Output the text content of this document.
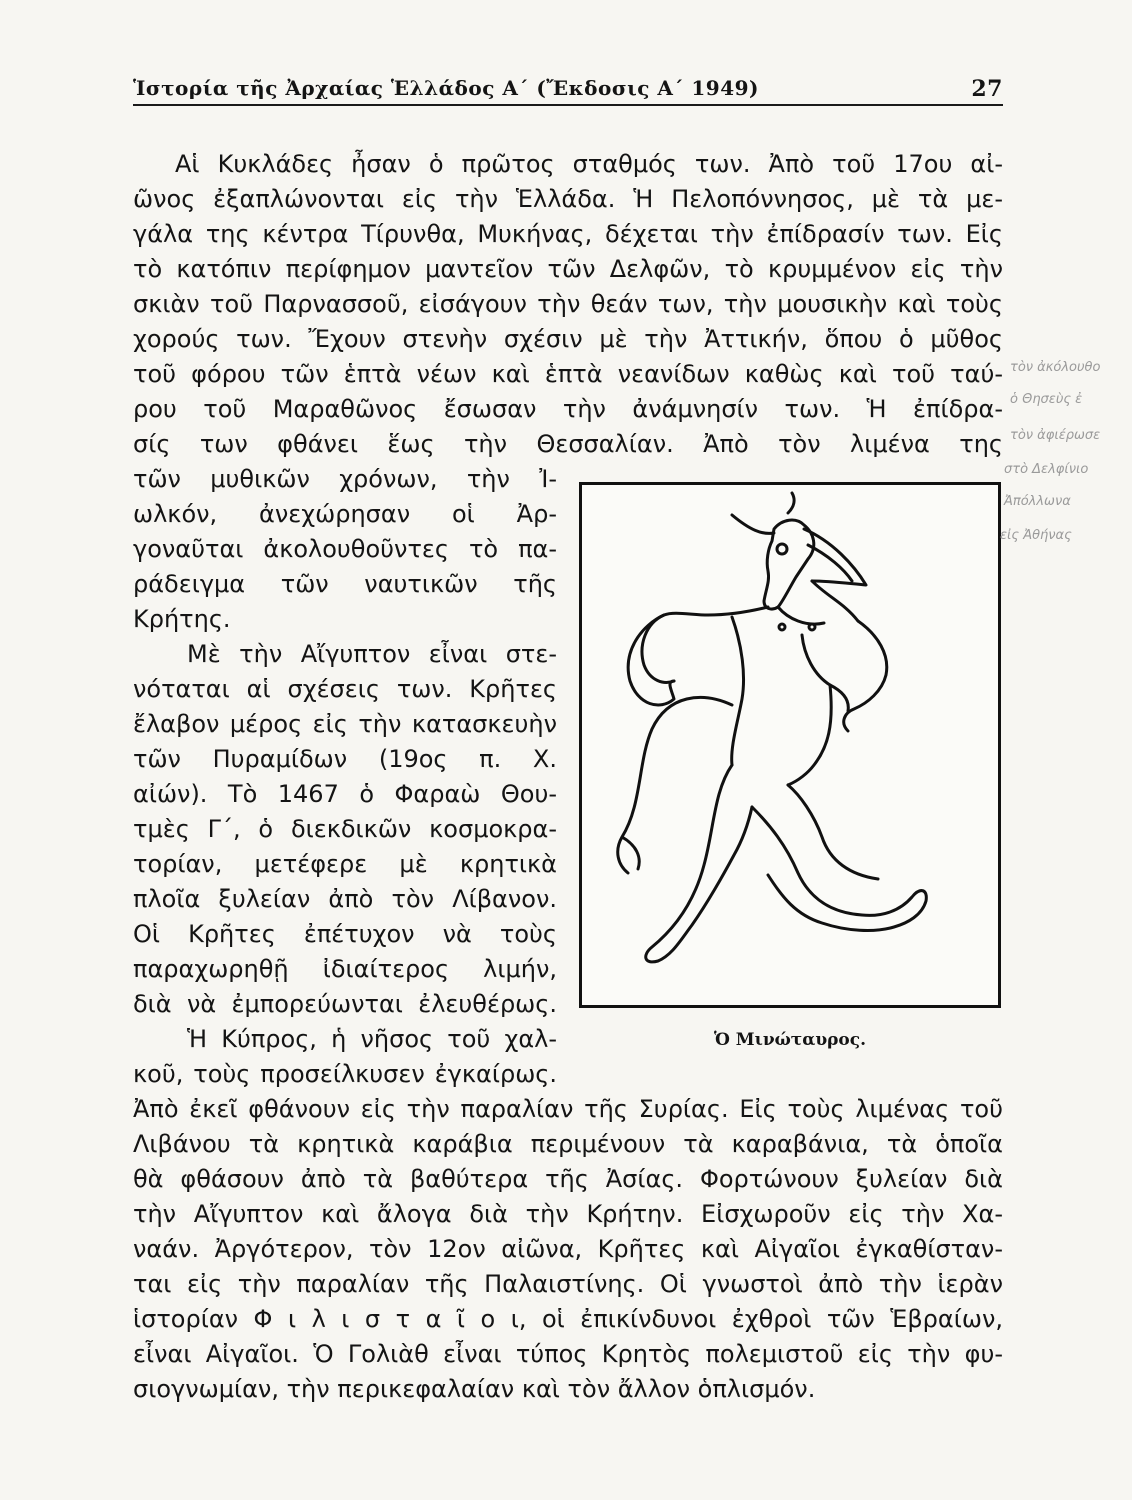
Ἱστορία τῆς Ἀρχαίας Ἑλλάδος Α΄ (Ἔκδοσις Α΄ 1949)	27
Αἱ Κυκλάδες ἦσαν ὁ πρῶτος σταθμός των. Ἀπὸ τοῦ 17ου αἰ-
ῶνος ἐξαπλώνονται εἰς τὴν Ἑλλάδα. Ἡ Πελοπόννησος, μὲ τὰ με-
γάλα της κέντρα Τίρυνθα, Μυκήνας, δέχεται τὴν ἐπίδρασίν των. Εἰς
τὸ κατόπιν περίφημον μαντεῖον τῶν Δελφῶν, τὸ κρυμμένον εἰς τὴν
σκιὰν τοῦ Παρνασσοῦ, εἰσάγουν τὴν θεάν των, τὴν μουσικὴν καὶ τοὺς
χορούς των. Ἔχουν στενὴν σχέσιν μὲ τὴν Ἀττικήν, ὅπου ὁ μῦθος
τοῦ φόρου τῶν ἑπτὰ νέων καὶ ἑπτὰ νεανίδων καθὼς καὶ τοῦ ταύ-
ρου τοῦ Μαραθῶνος ἔσωσαν τὴν ἀνάμνησίν των. Ἡ ἐπίδρα-
σίς των φθάνει ἕως τὴν Θεσσαλίαν. Ἀπὸ τὸν λιμένα της
τῶν μυθικῶν χρόνων, τὴν Ἰ-
ωλκόν, ἀνεχώρησαν οἱ Ἀρ-
γοναῦται ἀκολουθοῦντες τὸ πα-
ράδειγμα τῶν ναυτικῶν τῆς
Κρήτης.
Μὲ τὴν Αἴγυπτον εἶναι στε-
νόταται αἱ σχέσεις των. Κρῆτες
ἔλαβον μέρος εἰς τὴν κατασκευὴν
τῶν Πυραμίδων (19ος π. Χ.
αἰών). Τὸ 1467 ὁ Φαραὼ Θου-
τμὲς Γ΄, ὁ διεκδικῶν κοσμοκρα-
τορίαν, μετέφερε μὲ κρητικὰ
πλοῖα ξυλείαν ἀπὸ τὸν Λίβανον.
Οἱ Κρῆτες ἐπέτυχον νὰ τοὺς
παραχωρηθῇ ἰδιαίτερος λιμήν,
διὰ νὰ ἐμπορεύωνται ἐλευθέρως.
Ἡ Κύπρος, ἡ νῆσος τοῦ χαλ-
κοῦ, τοὺς προσείλκυσεν ἐγκαίρως.
Ὁ Μινώταυρος.
Ἀπὸ ἐκεῖ φθάνουν εἰς τὴν παραλίαν τῆς Συρίας. Εἰς τοὺς λιμένας τοῦ
Λιβάνου τὰ κρητικὰ καράβια περιμένουν τὰ καραβάνια, τὰ ὁποῖα
θὰ φθάσουν ἀπὸ τὰ βαθύτερα τῆς Ἀσίας. Φορτώνουν ξυλείαν διὰ
τὴν Αἴγυπτον καὶ ἄλογα διὰ τὴν Κρήτην. Εἰσχωροῦν εἰς τὴν Χα-
ναάν. Ἀργότερον, τὸν 12ον αἰῶνα, Κρῆτες καὶ Αἰγαῖοι ἐγκαθίσταν-
ται εἰς τὴν παραλίαν τῆς Παλαιστίνης. Οἱ γνωστοὶ ἀπὸ τὴν ἱερὰν
ἱστορίαν Φ ι λ ι σ τ α ῖ ο ι, οἱ ἐπικίνδυνοι ἐχθροὶ τῶν Ἑβραίων,
εἶναι Αἰγαῖοι. Ὁ Γολιὰθ εἶναι τύπος Κρητὸς πολεμιστοῦ εἰς τὴν φυ-
σιογνωμίαν, τὴν περικεφαλαίαν καὶ τὸν ἄλλον ὁπλισμόν.
τὸν ἀκόλουθο
ὁ Θησεὺς ἐ
τὸν ἀφιέρωσε
στὸ Δελφίνιο
Ἀπόλλωνα
εἰς Ἀθήνας
